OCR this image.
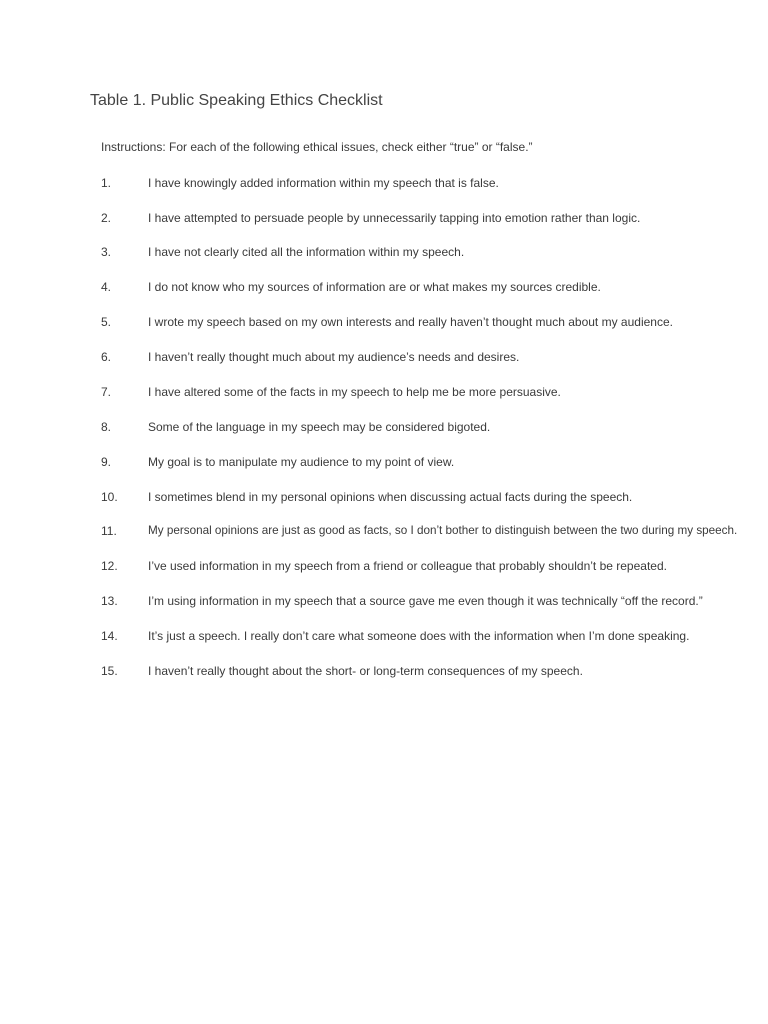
Table 1. Public Speaking Ethics Checklist
Instructions: For each of the following ethical issues, check either “true” or “false.”
1.	I have knowingly added information within my speech that is false.
2.	I have attempted to persuade people by unnecessarily tapping into emotion rather than logic.
3.	I have not clearly cited all the information within my speech.
4.	I do not know who my sources of information are or what makes my sources credible.
5.	I wrote my speech based on my own interests and really haven’t thought much about my audience.
6.	I haven’t really thought much about my audience’s needs and desires.
7.	I have altered some of the facts in my speech to help me be more persuasive.
8.	Some of the language in my speech may be considered bigoted.
9.	My goal is to manipulate my audience to my point of view.
10.	I sometimes blend in my personal opinions when discussing actual facts during the speech.
11.	My personal opinions are just as good as facts, so I don’t bother to distinguish between the two during my speech.
12.	I’ve used information in my speech from a friend or colleague that probably shouldn’t be repeated.
13.	I’m using information in my speech that a source gave me even though it was technically “off the record.”
14.	It’s just a speech. I really don’t care what someone does with the information when I’m done speaking.
15.	I haven’t really thought about the short- or long-term consequences of my speech.
